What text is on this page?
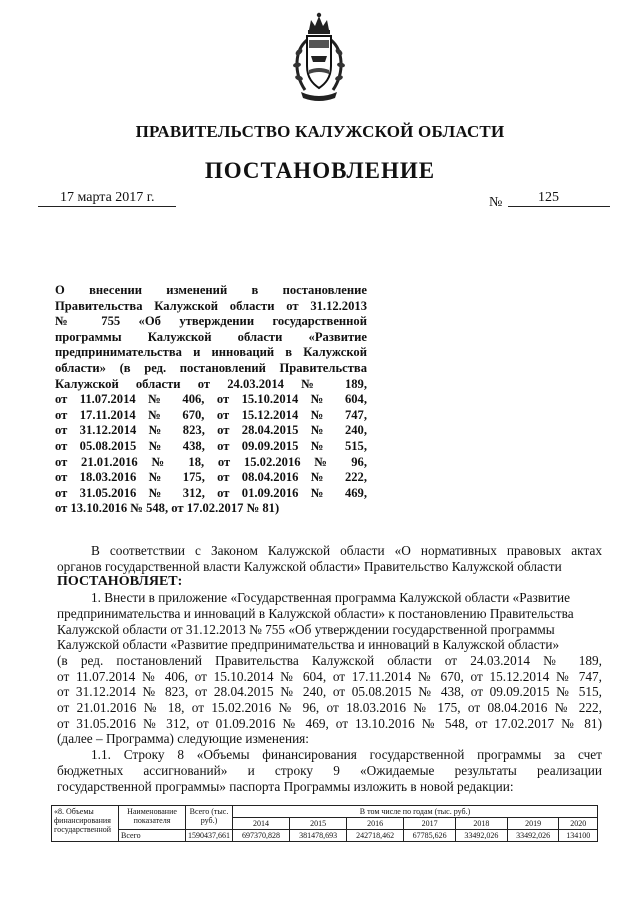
ПРАВИТЕЛЬСТВО КАЛУЖСКОЙ ОБЛАСТИ
ПОСТАНОВЛЕНИЕ
17 марта 2017 г.	№	125
О внесении изменений в постановление
Правительства Калужской области от 31.12.2013
№ 755 «Об утверждении государственной
программы Калужской области «Развитие
предпринимательства и инноваций в Калужской
области» (в ред. постановлений Правительства
Калужской области от 24.03.2014 № 189,
от 11.07.2014 № 406, от 15.10.2014 № 604,
от 17.11.2014 № 670, от 15.12.2014 № 747,
от 31.12.2014 № 823, от 28.04.2015 № 240,
от 05.08.2015 № 438, от 09.09.2015 № 515,
от 21.01.2016 № 18, от 15.02.2016 № 96,
от 18.03.2016 № 175, от 08.04.2016 № 222,
от 31.05.2016 № 312, от 01.09.2016 № 469,
от 13.10.2016 № 548, от 17.02.2017 № 81)
В соответствии с Законом Калужской области «О нормативных правовых актах
органов государственной власти Калужской области» Правительство Калужской области
ПОСТАНОВЛЯЕТ:
1. Внести в приложение «Государственная программа Калужской области «Развитие
предпринимательства и инноваций в Калужской области» к постановлению Правительства
Калужской области от 31.12.2013 № 755 «Об утверждении государственной программы
Калужской области «Развитие предпринимательства и инноваций в Калужской области»
(в ред. постановлений Правительства Калужской области от 24.03.2014 № 189,
от 11.07.2014 № 406, от 15.10.2014 № 604, от 17.11.2014 № 670, от 15.12.2014 № 747,
от 31.12.2014 № 823, от 28.04.2015 № 240, от 05.08.2015 № 438, от 09.09.2015 № 515,
от 21.01.2016 № 18, от 15.02.2016 № 96, от 18.03.2016 № 175, от 08.04.2016 № 222,
от 31.05.2016 № 312, от 01.09.2016 № 469, от 13.10.2016 № 548, от 17.02.2017 № 81)
(далее – Программа) следующие изменения:
1.1. Строку 8 «Объемы финансирования государственной программы за счет
бюджетных ассигнований» и строку 9 «Ожидаемые результаты реализации
государственной программы» паспорта Программы изложить в новой редакции:
«8. Объемы финансирования государственной	Наименование показателя	Всего (тыс. руб.)	В том числе по годам (тыс. руб.)						
			2014	2015	2016	2017	2018	2019	2020
	Всего	1590437,661	697370,828	381478,693	242718,462	67785,626	33492,026	33492,026	134100
